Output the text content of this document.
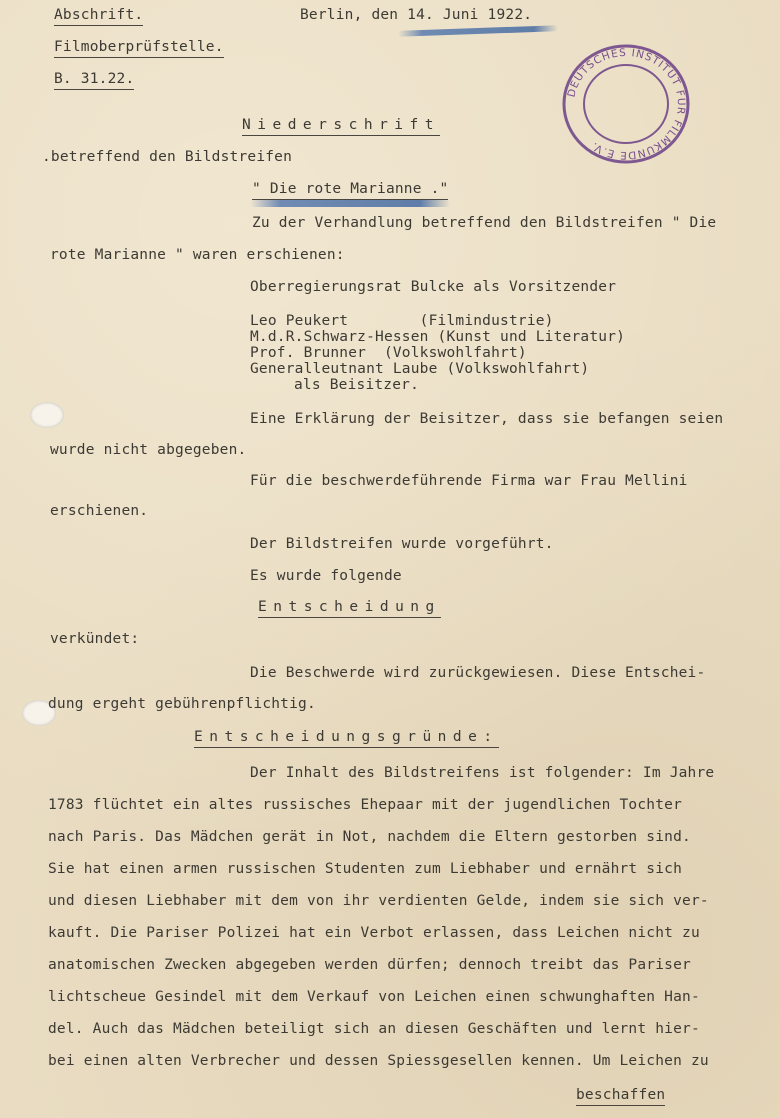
Abschrift.	Berlin, den 14. Juni 1922.
Filmoberprüfstelle.
B. 31.22.
DEUTSCHES INSTITUT FÜR FILMKUNDE E.V.
Niederschrift
.betreffend den Bildstreifen
" Die rote Marianne ."
Zu der Verhandlung betreffend den Bildstreifen " Die
rote Marianne " waren erschienen:
Oberregierungsrat Bulcke als Vorsitzender
Leo Peukert        (Filmindustrie)
M.d.R.Schwarz-Hessen (Kunst und Literatur)
Prof. Brunner  (Volkswohlfahrt)
Generalleutnant Laube (Volkswohlfahrt)
als Beisitzer.
Eine Erklärung der Beisitzer, dass sie befangen seien
wurde nicht abgegeben.
Für die beschwerdeführende Firma war Frau Mellini
erschienen.
Der Bildstreifen wurde vorgeführt.
Es wurde folgende
Entscheidung
verkündet:
Die Beschwerde wird zurückgewiesen. Diese Entschei-
dung ergeht gebührenpflichtig.
Entscheidungsgründe:
Der Inhalt des Bildstreifens ist folgender: Im Jahre
1783 flüchtet ein altes russisches Ehepaar mit der jugendlichen Tochter
nach Paris. Das Mädchen gerät in Not, nachdem die Eltern gestorben sind.
Sie hat einen armen russischen Studenten zum Liebhaber und ernährt sich
und diesen Liebhaber mit dem von ihr verdienten Gelde, indem sie sich ver-
kauft. Die Pariser Polizei hat ein Verbot erlassen, dass Leichen nicht zu
anatomischen Zwecken abgegeben werden dürfen; dennoch treibt das Pariser
lichtscheue Gesindel mit dem Verkauf von Leichen einen schwunghaften Han-
del. Auch das Mädchen beteiligt sich an diesen Geschäften und lernt hier-
bei einen alten Verbrecher und dessen Spiessgesellen kennen. Um Leichen zu
beschaffen
